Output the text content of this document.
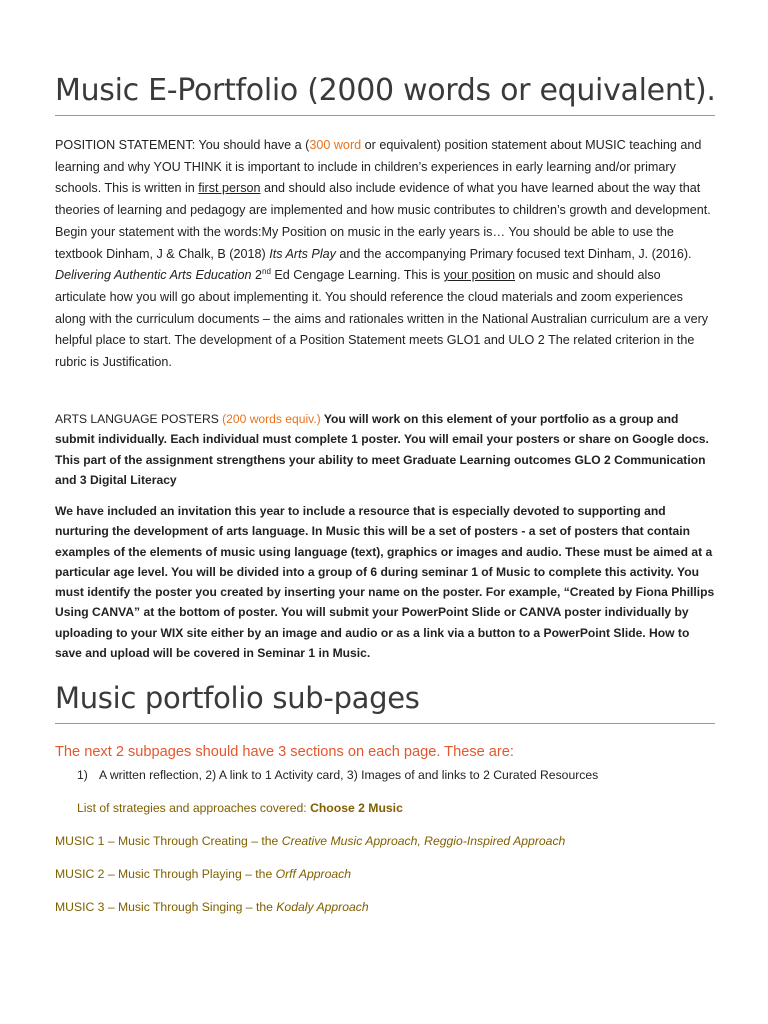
Music E-Portfolio (2000 words or equivalent).
POSITION STATEMENT: You should have a (300 word or equivalent) position statement about MUSIC teaching and learning and why YOU THINK it is important to include in children’s experiences in early learning and/or primary schools. This is written in first person and should also include evidence of what you have learned about the way that theories of learning and pedagogy are implemented and how music contributes to children’s growth and development. Begin your statement with the words:My Position on music in the early years is… You should be able to use the textbook Dinham, J & Chalk, B (2018) Its Arts Play and the accompanying Primary focused text Dinham, J. (2016). Delivering Authentic Arts Education 2nd Ed Cengage Learning. This is your position on music and should also articulate how you will go about implementing it. You should reference the cloud materials and zoom experiences along with the curriculum documents – the aims and rationales written in the National Australian curriculum are a very helpful place to start. The development of a Position Statement meets GLO1 and ULO 2 The related criterion in the rubric is Justification.
ARTS LANGUAGE POSTERS (200 words equiv.) You will work on this element of your portfolio as a group and submit individually. Each individual must complete 1 poster. You will email your posters or share on Google docs. This part of the assignment strengthens your ability to meet Graduate Learning outcomes GLO 2 Communication and 3 Digital Literacy
We have included an invitation this year to include a resource that is especially devoted to supporting and nurturing the development of arts language. In Music this will be a set of posters - a set of posters that contain examples of the elements of music using language (text), graphics or images and audio. These must be aimed at a particular age level. You will be divided into a group of 6 during seminar 1 of Music to complete this activity. You must identify the poster you created by inserting your name on the poster. For example, “Created by Fiona Phillips Using CANVA” at the bottom of poster. You will submit your PowerPoint Slide or CANVA poster individually by uploading to your WIX site either by an image and audio or as a link via a button to a PowerPoint Slide. How to save and upload will be covered in Seminar 1 in Music.
Music portfolio sub-pages
The next 2 subpages should have 3 sections on each page. These are:
1) A written reflection, 2) A link to 1 Activity card, 3) Images of and links to 2 Curated Resources
List of strategies and approaches covered: Choose 2 Music
MUSIC 1 – Music Through Creating – the Creative Music Approach, Reggio-Inspired Approach
MUSIC 2 – Music Through Playing – the Orff Approach
MUSIC 3 – Music Through Singing – the Kodaly Approach
